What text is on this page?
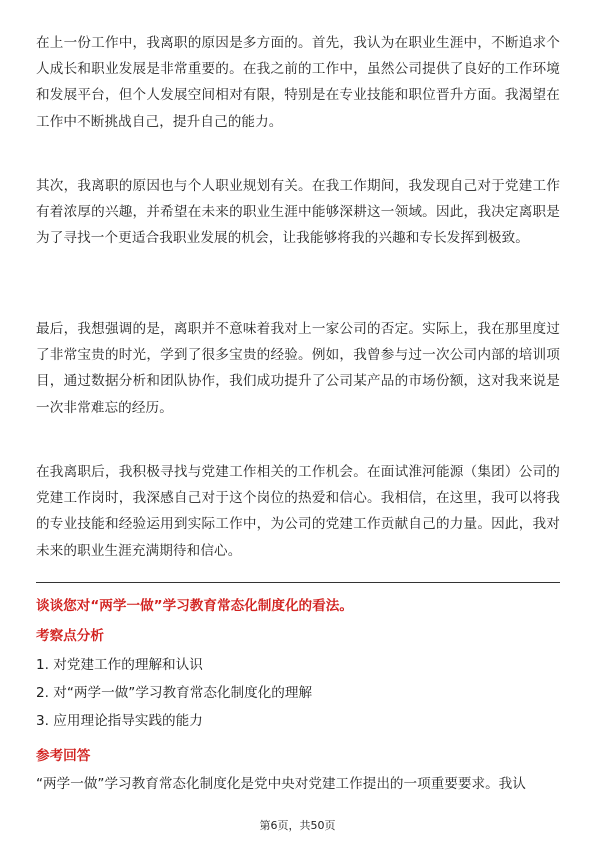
在上一份工作中，我离职的原因是多方面的。首先，我认为在职业生涯中，不断追求个人成长和职业发展是非常重要的。在我之前的工作中，虽然公司提供了良好的工作环境和发展平台，但个人发展空间相对有限，特别是在专业技能和职位晋升方面。我渴望在工作中不断挑战自己，提升自己的能力。

其次，我离职的原因也与个人职业规划有关。在我工作期间，我发现自己对于党建工作有着浓厚的兴趣，并希望在未来的职业生涯中能够深耕这一领域。因此，我决定离职是为了寻找一个更适合我职业发展的机会，让我能够将我的兴趣和专长发挥到极致。

最后，我想强调的是，离职并不意味着我对上一家公司的否定。实际上，我在那里度过了非常宝贵的时光，学到了很多宝贵的经验。例如，我曾参与过一次公司内部的培训项目，通过数据分析和团队协作，我们成功提升了公司某产品的市场份额，这对我来说是一次非常难忘的经历。

在我离职后，我积极寻找与党建工作相关的工作机会。在面试淮河能源（集团）公司的党建工作岗时，我深感自己对于这个岗位的热爱和信心。我相信，在这里，我可以将我的专业技能和经验运用到实际工作中，为公司的党建工作贡献自己的力量。因此，我对未来的职业生涯充满期待和信心。

谈谈您对“两学一做”学习教育常态化制度化的看法。

考察点分析

1. 对党建工作的理解和认识
2. 对“两学一做”学习教育常态化制度化的理解
3. 应用理论指导实践的能力

参考回答

“两学一做”学习教育常态化制度化是党中央对党建工作提出的一项重要要求。我认

第6页，共50页
